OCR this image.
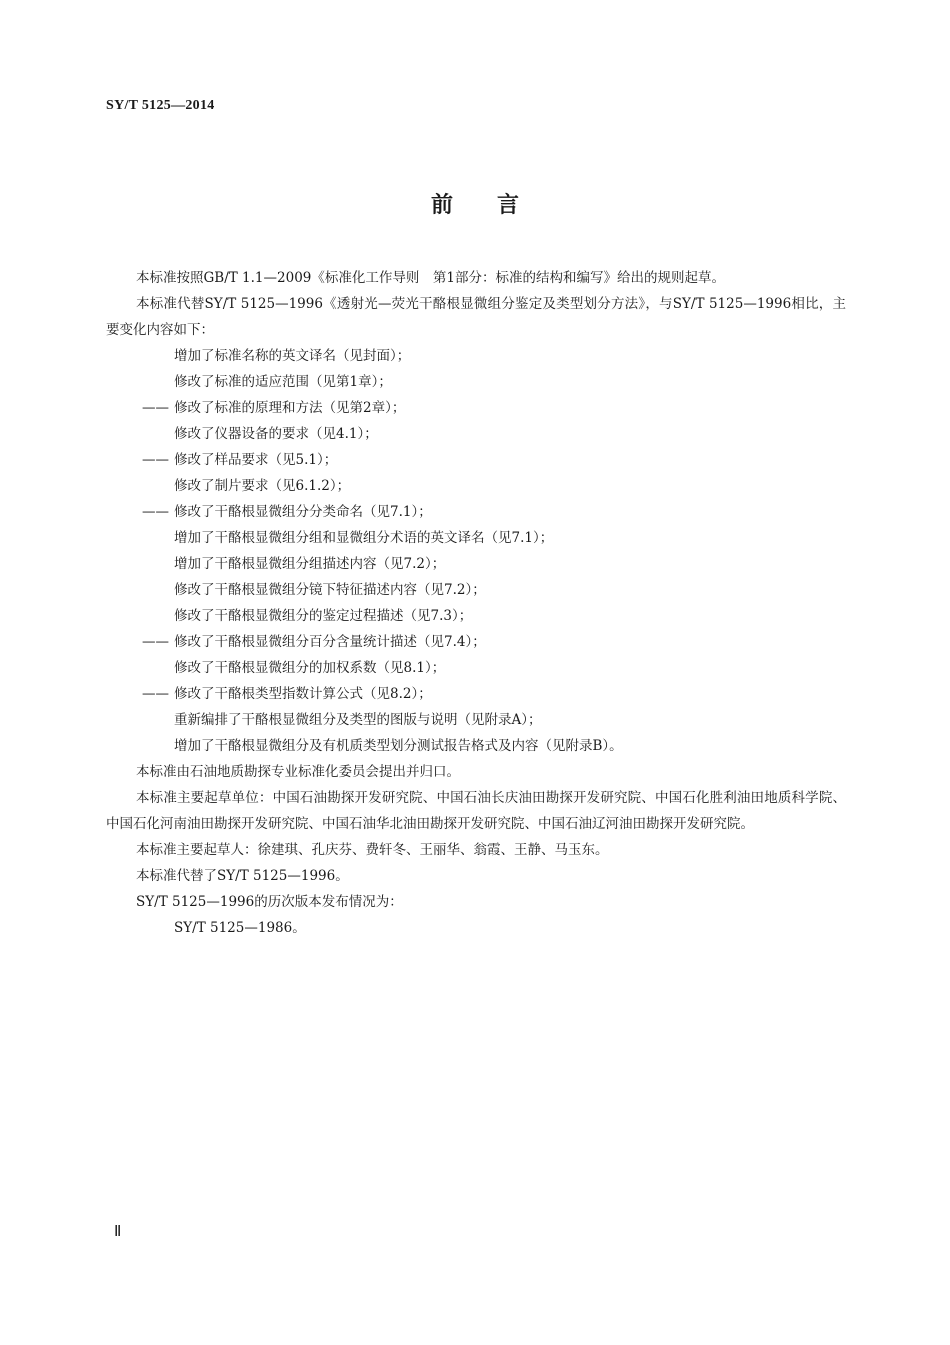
SY/T 5125—2014
前言

本标准按照GB/T 1.1—2009《标准化工作导则　第1部分：标准的结构和编写》给出的规则起草。

本标准代替SY/T 5125—1996《透射光—荧光干酪根显微组分鉴定及类型划分方法》，与SY/T 5125—1996相比，主要变化内容如下：

增加了标准名称的英文译名（见封面）；

修改了标准的适应范围（见第1章）；

—— 修改了标准的原理和方法（见第2章）；

修改了仪器设备的要求（见4.1）；

—— 修改了样品要求（见5.1）；

修改了制片要求（见6.1.2）；

—— 修改了干酪根显微组分分类命名（见7.1）；

增加了干酪根显微组分组和显微组分术语的英文译名（见7.1）；

增加了干酪根显微组分组描述内容（见7.2）；

修改了干酪根显微组分镜下特征描述内容（见7.2）；

修改了干酪根显微组分的鉴定过程描述（见7.3）；

—— 修改了干酪根显微组分百分含量统计描述（见7.4）；

修改了干酪根显微组分的加权系数（见8.1）；

—— 修改了干酪根类型指数计算公式（见8.2）；

重新编排了干酪根显微组分及类型的图版与说明（见附录A）；

增加了干酪根显微组分及有机质类型划分测试报告格式及内容（见附录B）。

本标准由石油地质勘探专业标准化委员会提出并归口。

本标准主要起草单位：中国石油勘探开发研究院、中国石油长庆油田勘探开发研究院、中国石化胜利油田地质科学院、中国石化河南油田勘探开发研究院、中国石油华北油田勘探开发研究院、中国石油辽河油田勘探开发研究院。

本标准主要起草人：徐建琪、孔庆芬、费轩冬、王丽华、翁霞、王静、马玉东。

本标准代替了SY/T 5125—1996。

SY/T 5125—1996的历次版本发布情况为：

SY/T 5125—1986。

Ⅱ
